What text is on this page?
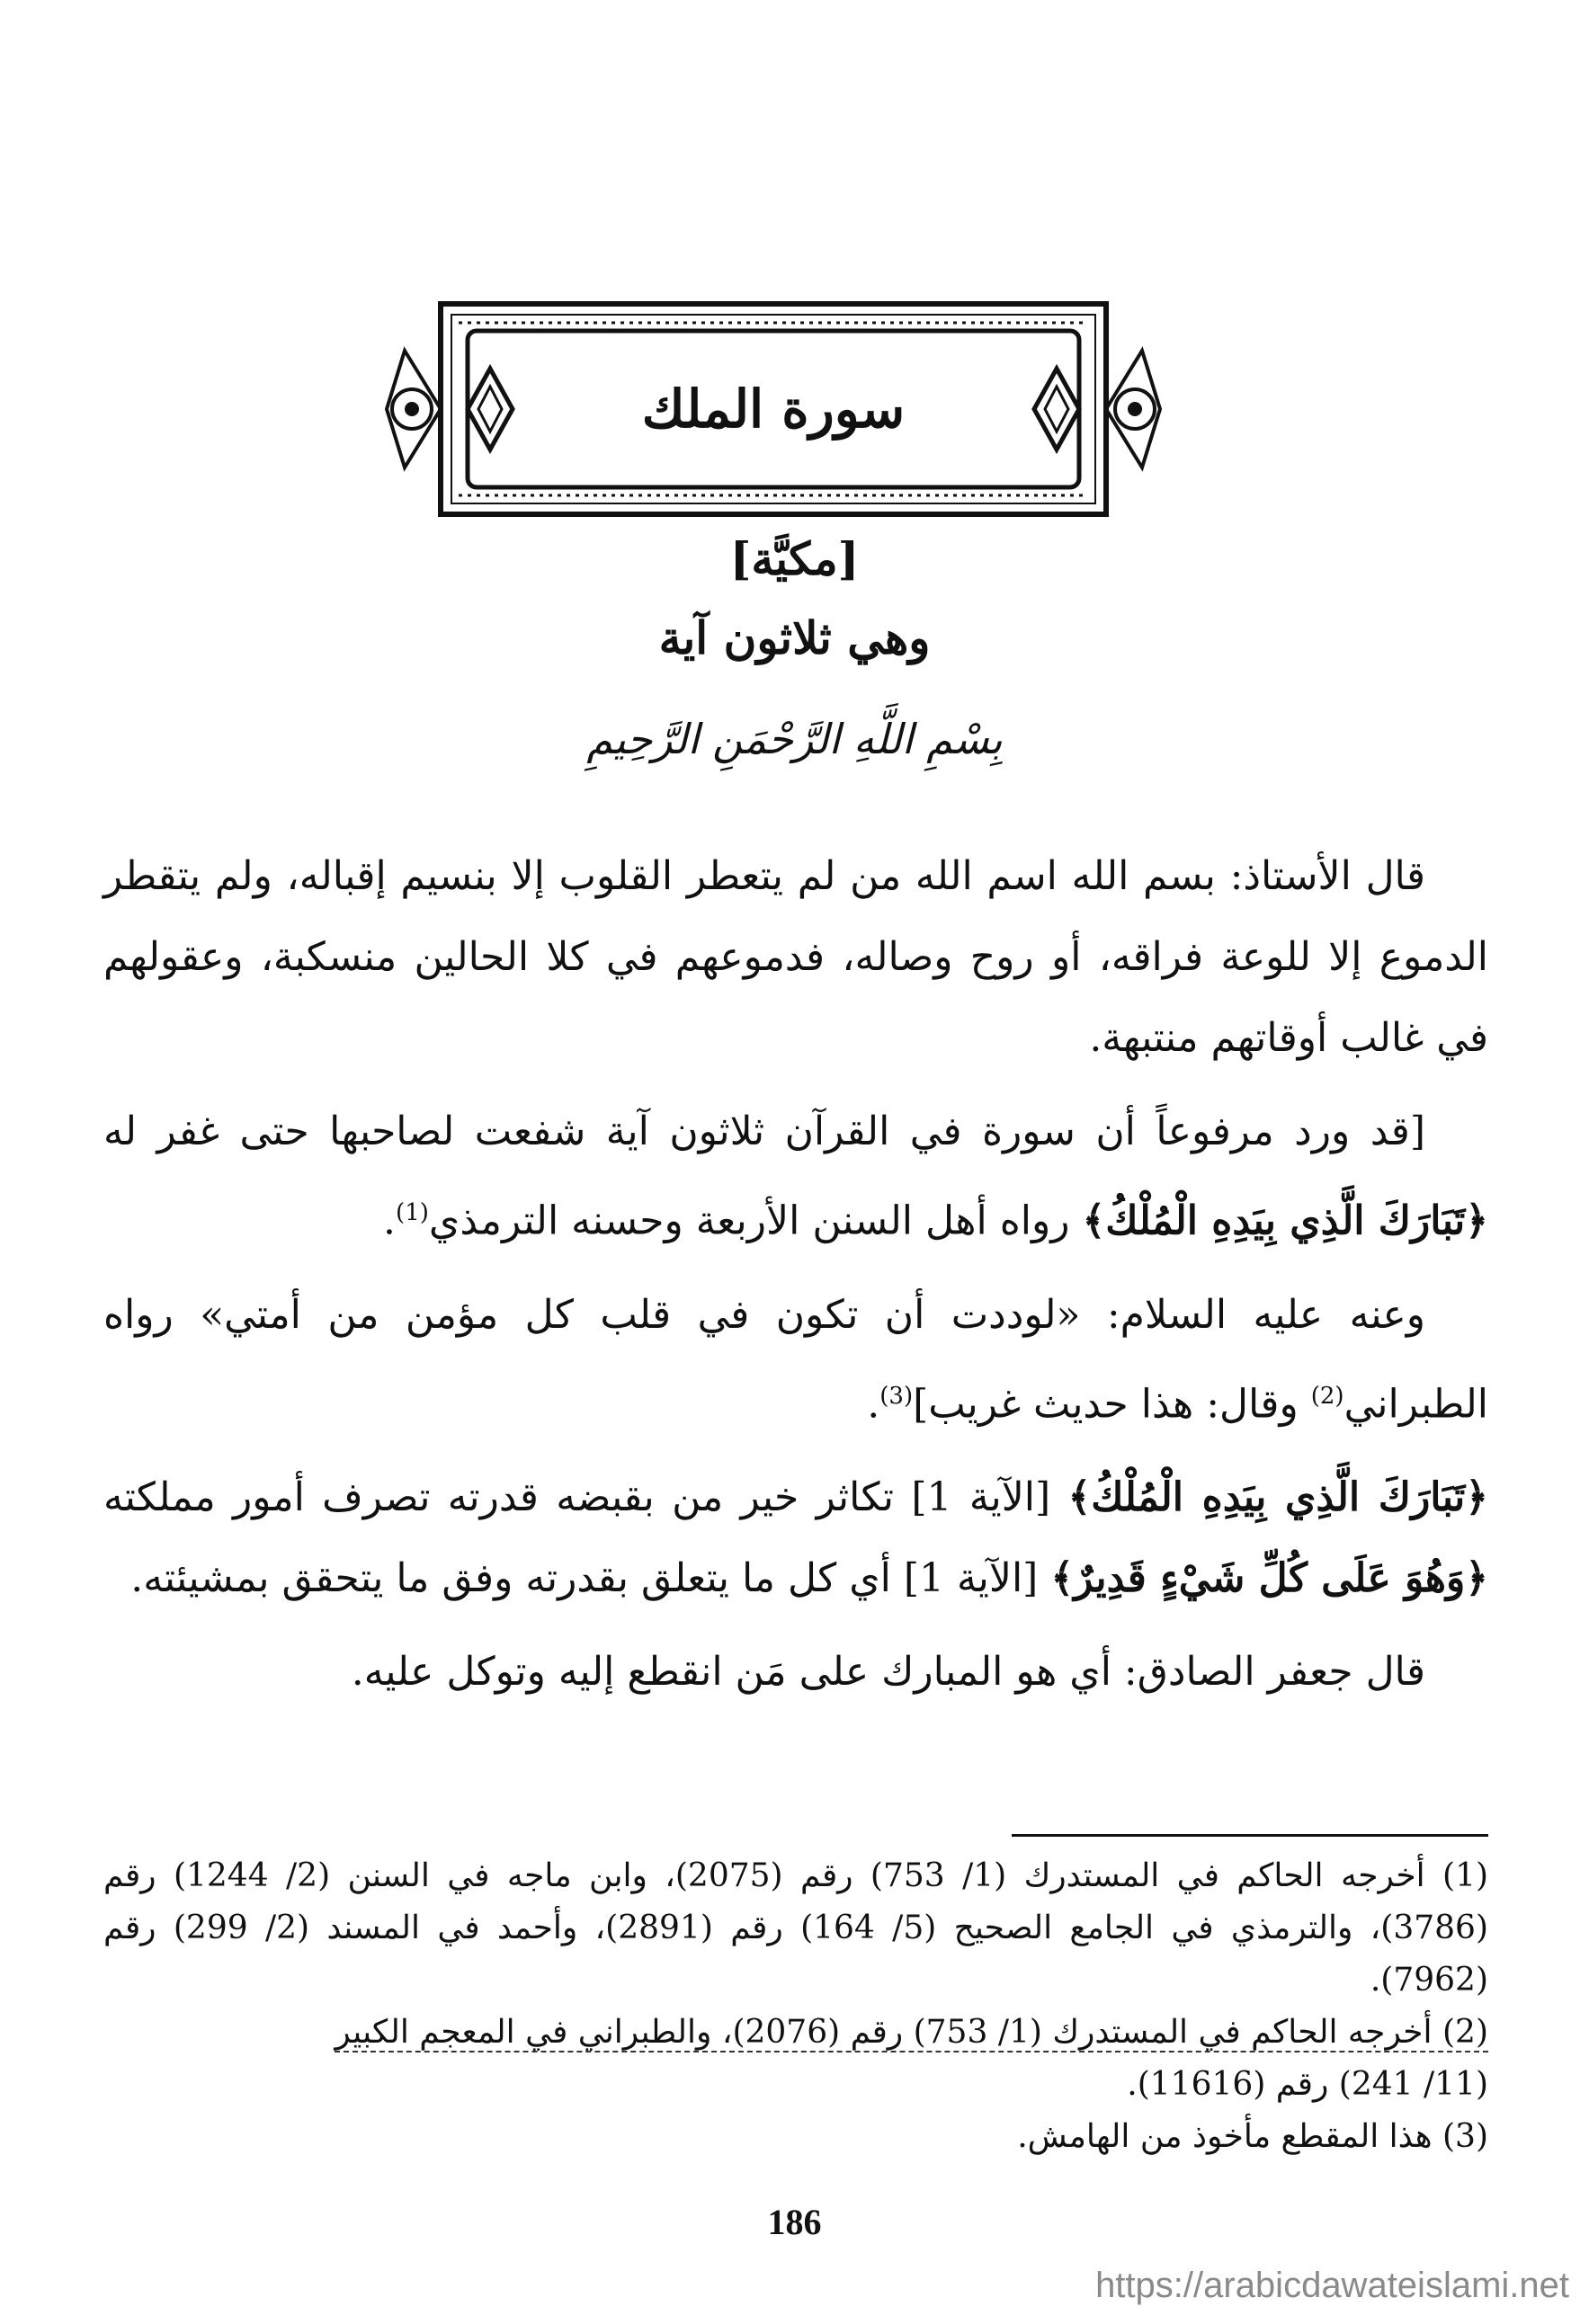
سورة الملك
[مكيَّة]
وهي ثلاثون آية
بِسْمِ اللَّهِ الرَّحْمَنِ الرَّحِيمِ

قال الأستاذ: بسم الله اسم الله من لم يتعطر القلوب إلا بنسيم إقباله، ولم يتقطر الدموع إلا للوعة فراقه، أو روح وصاله، فدموعهم في كلا الحالين منسكبة، وعقولهم في غالب أوقاتهم منتبهة.

[قد ورد مرفوعاً أن سورة في القرآن ثلاثون آية شفعت لصاحبها حتى غفر له ﴿تَبَارَكَ الَّذِي بِيَدِهِ الْمُلْكُ﴾ رواه أهل السنن الأربعة وحسنه الترمذي$^{(1)}$.

وعنه عليه السلام: «لوددت أن تكون في قلب كل مؤمن من أمتي» رواه الطبراني$^{(2)}$ وقال: هذا حديث غريب]$^{(3)}$.

﴿تَبَارَكَ الَّذِي بِيَدِهِ الْمُلْكُ﴾ [الآية 1] تكاثر خير من بقبضه قدرته تصرف أمور مملكته ﴿وَهُوَ عَلَى كُلِّ شَيْءٍ قَدِيرٌ﴾ [الآية 1] أي كل ما يتعلق بقدرته وفق ما يتحقق بمشيئته.

قال جعفر الصادق: أي هو المبارك على مَن انقطع إليه وتوكل عليه.

(1) أخرجه الحاكم في المستدرك (1/ 753) رقم (2075)، وابن ماجه في السنن (2/ 1244) رقم (3786)، والترمذي في الجامع الصحيح (5/ 164) رقم (2891)، وأحمد في المسند (2/ 299) رقم (7962).

(2) أخرجه الحاكم في المستدرك (1/ 753) رقم (2076)، والطبراني في المعجم الكبير

(11/ 241) رقم (11616).

(3) هذا المقطع مأخوذ من الهامش.

186
https://arabicdawateislami.net
